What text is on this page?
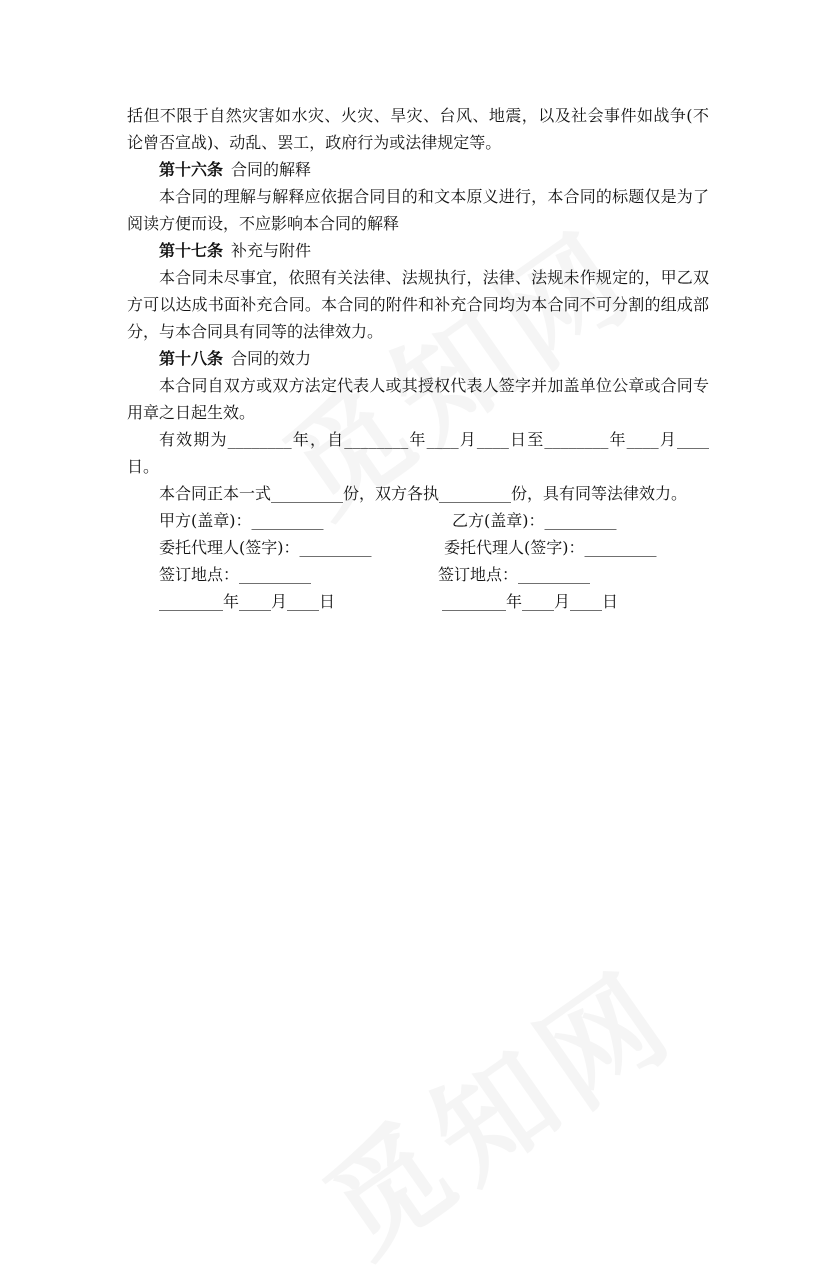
括但不限于自然灾害如水灾、火灾、旱灾、台风、地震，以及社会事件如战争(不论曾否宣战)、动乱、罢工，政府行为或法律规定等。

第十六条 合同的解释

本合同的理解与解释应依据合同目的和文本原义进行，本合同的标题仅是为了阅读方便而设，不应影响本合同的解释

第十七条 补充与附件

本合同未尽事宜，依照有关法律、法规执行，法律、法规未作规定的，甲乙双方可以达成书面补充合同。本合同的附件和补充合同均为本合同不可分割的组成部分，与本合同具有同等的法律效力。

第十八条 合同的效力

本合同自双方或双方法定代表人或其授权代表人签字并加盖单位公章或合同专用章之日起生效。

有效期为________年，自________年____月____日至________年____月____日。

本合同正本一式_________份，双方各执_________份，具有同等法律效力。

甲方(盖章)：_________	乙方(盖章)：_________
委托代理人(签字)：_________	委托代理人(签字)：_________
签订地点：_________	签订地点：_________
________年____月____日	________年____月____日
